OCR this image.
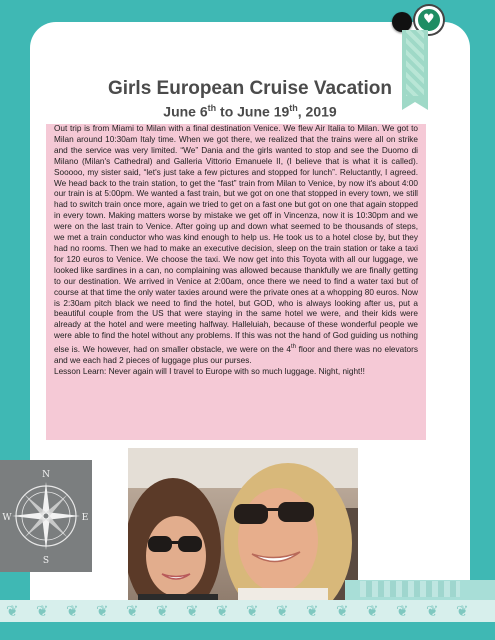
♥
Girls European Cruise Vacation
June 6th to June 19th, 2019

Out trip is from Miami to Milan with a final destination Venice. We flew Air Italia to Milan. We got to Milan around 10:30am Italy time. When we got there, we realized that the trains were all on strike and the service was very limited. “We” Dania and the girls wanted to stop and see the Duomo di Milano (Milan's Cathedral) and Galleria Vittorio Emanuele II, (I believe that is what it is called). Sooooo, my sister said, “let's just take a few pictures and stopped for lunch”. Reluctantly, I agreed. We head back to the train station, to get the “fast” train from Milan to Venice, by now it's about 4:00 our train is at 5:00pm. We wanted a fast train, but we got on one that stopped in every town, we still had to switch train once more, again we tried to get on a fast one but got on one that again stopped in every town. Making matters worse by mistake we get off in Vincenza, now it is 10:30pm and we were on the last train to Venice. After going up and down what seemed to be thousands of steps, we met a train conductor who was kind enough to help us. He took us to a hotel close by, but they had no rooms. Then we had to make an executive decision, sleep on the train station or take a taxi for 120 euros to Venice. We choose the taxi. We now get into this Toyota with all our luggage, we looked like sardines in a can, no complaining was allowed because thankfully we are finally getting to our destination. We arrived in Venice at 2:00am, once there we need to find a water taxi but of course at that time the only water taxies around were the private ones at a whopping 80 euros. Now is 2:30am pitch black we need to find the hotel, but GOD, who is always looking after us, put a beautiful couple from the US that were staying in the same hotel we were, and their kids were already at the hotel and were meeting halfway. Halleluiah, because of these wonderful people we were able to find the hotel without any problems. If this was not the hand of God guiding us nothing else is. We however, had on smaller obstacle, we were on the 4th floor and there was no elevators and we each had 2 pieces of luggage plus our purses.

Lesson Learn: Never again will I travel to Europe with so much luggage. Night, night!!

N
S
E
W
❦ ❦ ❦ ❦ ❦ ❦ ❦ ❦ ❦ ❦ ❦ ❦ ❦ ❦ ❦ ❦
